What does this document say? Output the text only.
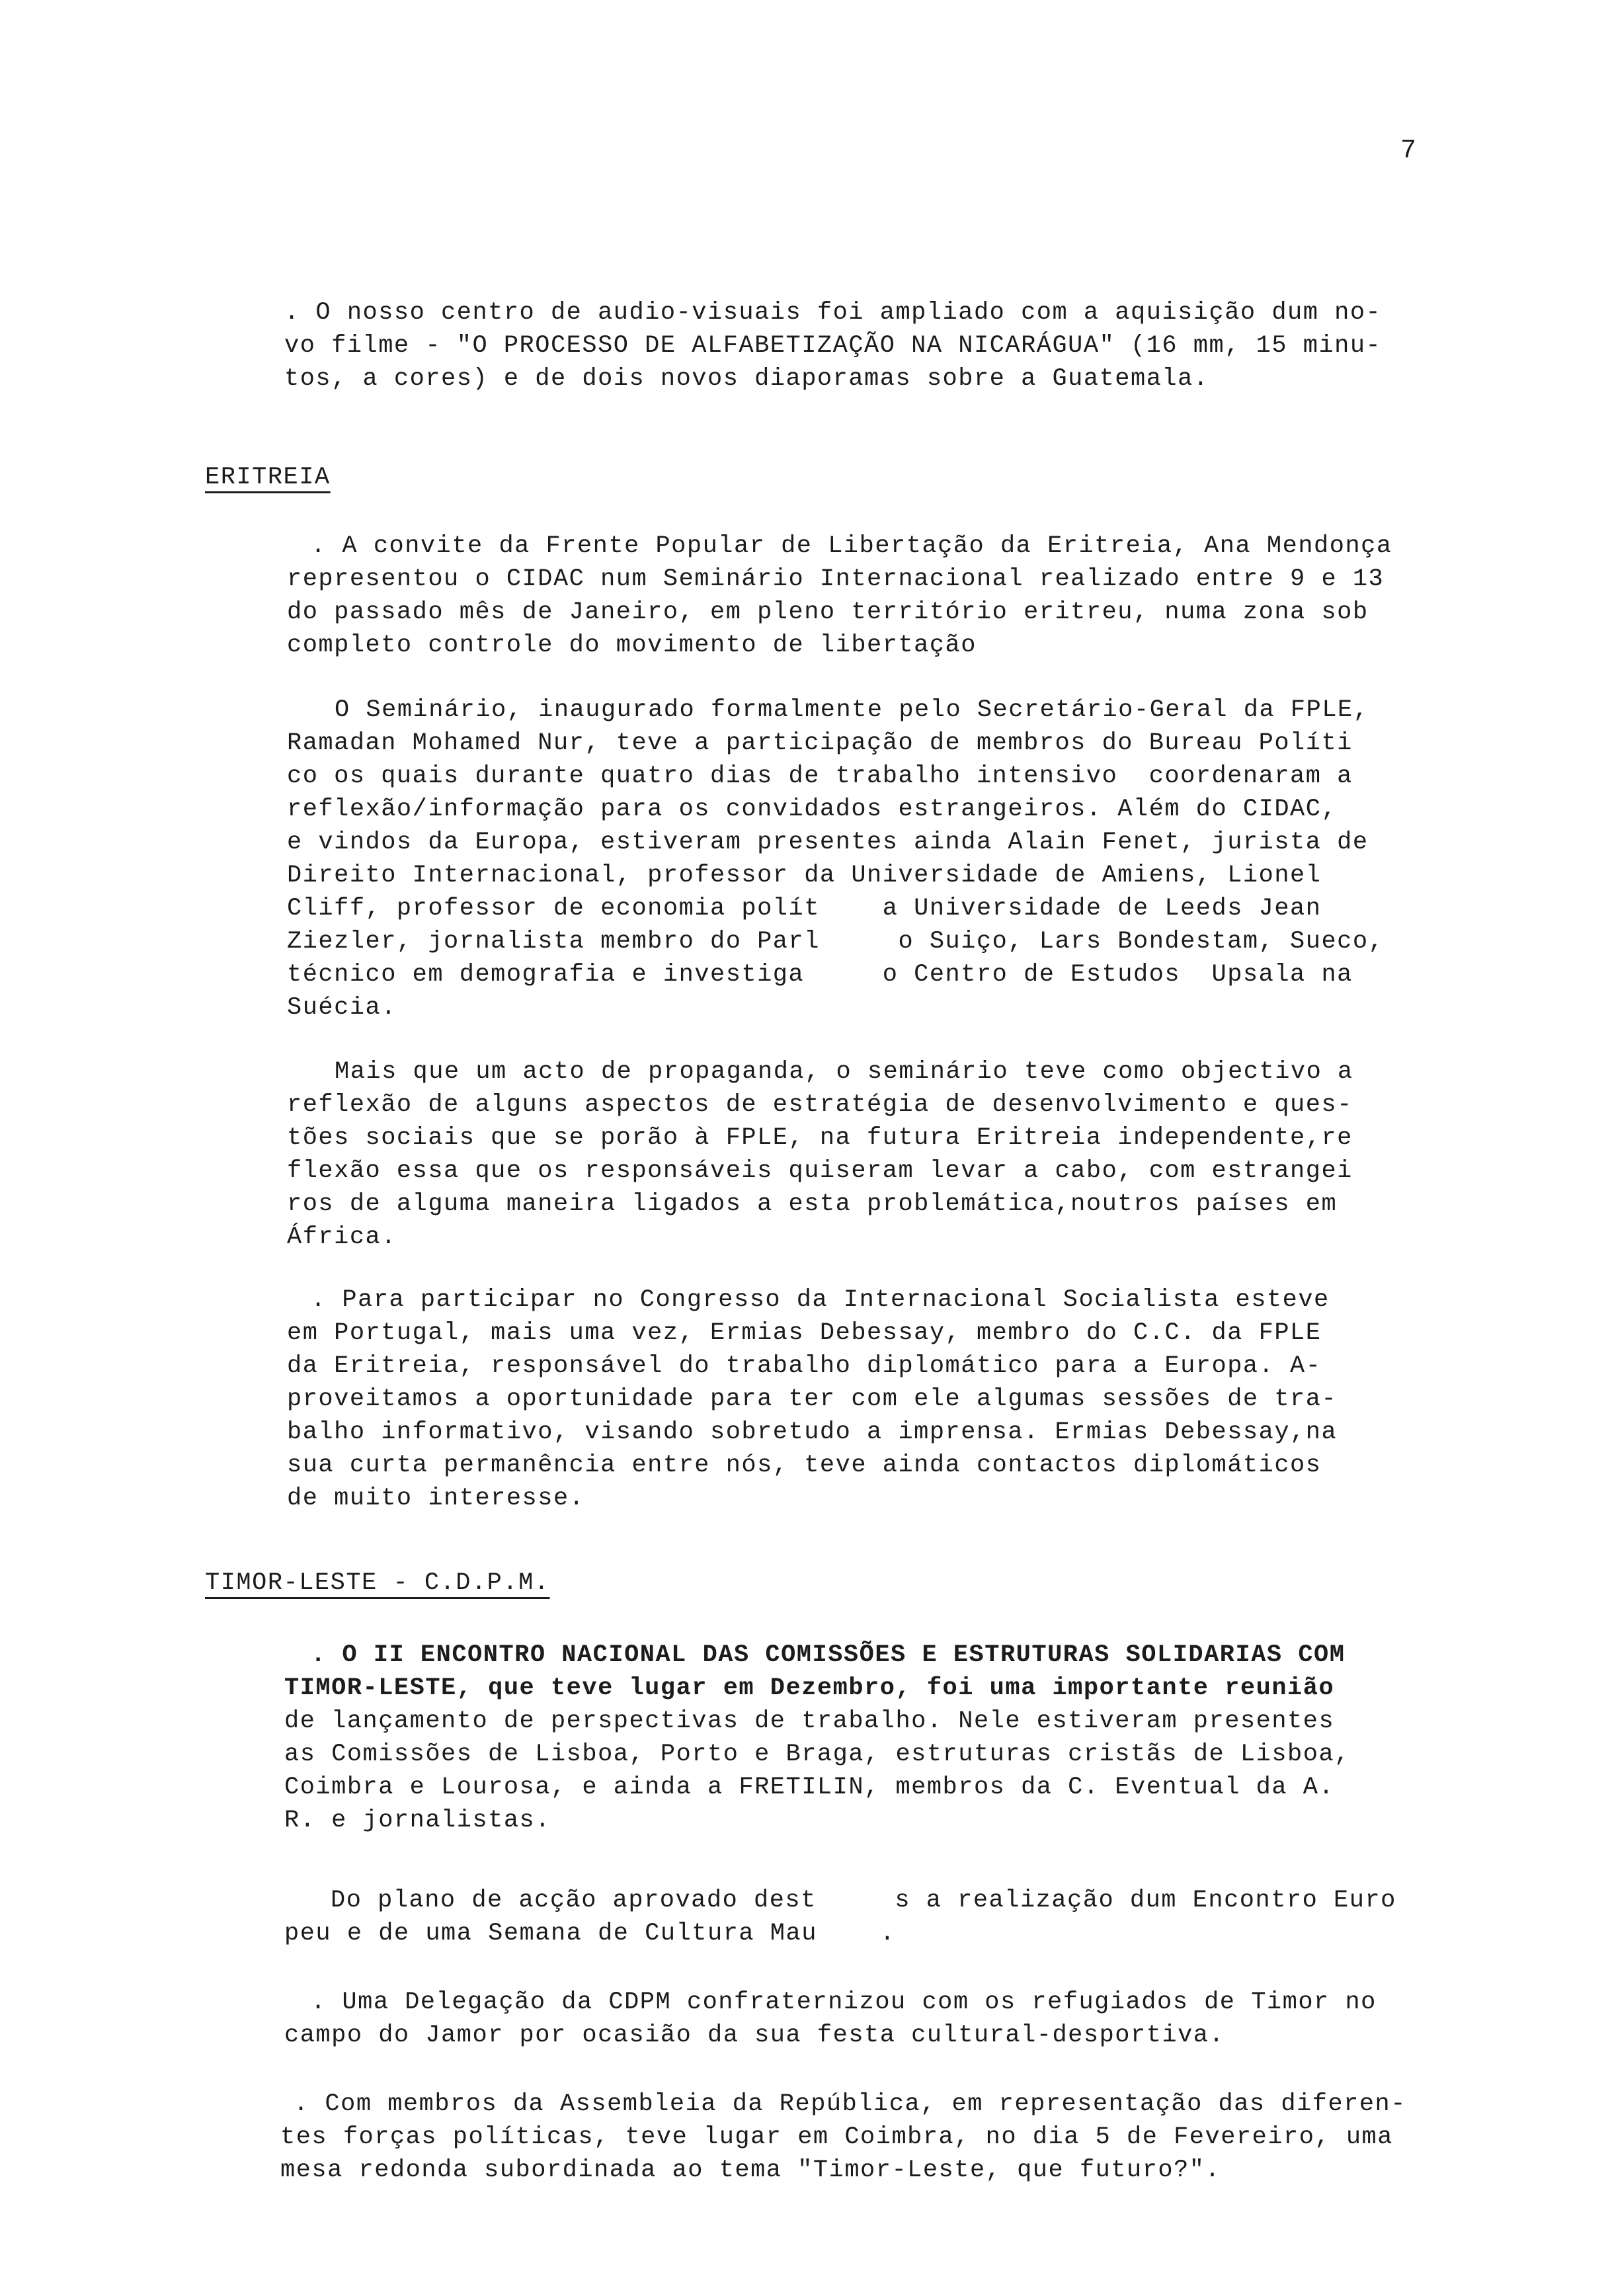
7
. O nosso centro de audio-visuais foi ampliado com a aquisição dum no-
vo filme - "O PROCESSO DE ALFABETIZAÇÃO NA NICARÁGUA" (16 mm, 15 minu-
tos, a cores) e de dois novos diaporamas sobre a Guatemala.
ERITREIA
. A convite da Frente Popular de Libertação da Eritreia, Ana Mendonça
representou o CIDAC num Seminário Internacional realizado entre 9 e 13
do passado mês de Janeiro, em pleno território eritreu, numa zona sob
completo controle do movimento de libertação
O Seminário, inaugurado formalmente pelo Secretário-Geral da FPLE,
Ramadan Mohamed Nur, teve a participação de membros do Bureau Políti
co os quais durante quatro dias de trabalho intensivo  coordenaram a
reflexão/informação para os convidados estrangeiros. Além do CIDAC,
e vindos da Europa, estiveram presentes ainda Alain Fenet, jurista de
Direito Internacional, professor da Universidade de Amiens, Lionel
Cliff, professor de economia polít    a Universidade de Leeds Jean
Ziezler, jornalista membro do Parl     o Suiço, Lars Bondestam, Sueco,
técnico em demografia e investiga     o Centro de Estudos  Upsala na
Suécia.
Mais que um acto de propaganda, o seminário teve como objectivo a
reflexão de alguns aspectos de estratégia de desenvolvimento e ques-
tões sociais que se porão à FPLE, na futura Eritreia independente,re
flexão essa que os responsáveis quiseram levar a cabo, com estrangei
ros de alguma maneira ligados a esta problemática,noutros países em
África.
. Para participar no Congresso da Internacional Socialista esteve
em Portugal, mais uma vez, Ermias Debessay, membro do C.C. da FPLE
da Eritreia, responsável do trabalho diplomático para a Europa. A-
proveitamos a oportunidade para ter com ele algumas sessões de tra-
balho informativo, visando sobretudo a imprensa. Ermias Debessay,na
sua curta permanência entre nós, teve ainda contactos diplomáticos
de muito interesse.
TIMOR-LESTE - C.D.P.M.
. O II ENCONTRO NACIONAL DAS COMISSÕES E ESTRUTURAS SOLIDARIAS COM
TIMOR-LESTE, que teve lugar em Dezembro, foi uma importante reunião
de lançamento de perspectivas de trabalho. Nele estiveram presentes
as Comissões de Lisboa, Porto e Braga, estruturas cristãs de Lisboa,
Coimbra e Lourosa, e ainda a FRETILIN, membros da C. Eventual da A.
R. e jornalistas.
Do plano de acção aprovado dest     s a realização dum Encontro Euro
peu e de uma Semana de Cultura Mau    .
. Uma Delegação da CDPM confraternizou com os refugiados de Timor no
campo do Jamor por ocasião da sua festa cultural-desportiva.
. Com membros da Assembleia da República, em representação das diferen-
tes forças políticas, teve lugar em Coimbra, no dia 5 de Fevereiro, uma
mesa redonda subordinada ao tema "Timor-Leste, que futuro?".
